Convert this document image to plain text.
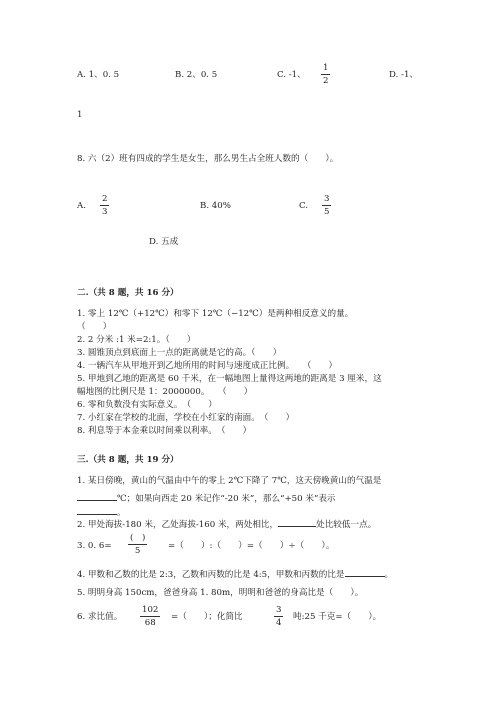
A. 1、0. 5	B. 2、0. 5	C. -1、 $\frac{1}{2}$	D. -1、
1
8. 六（2）班有四成的学生是女生，那么男生占全班人数的（　　）。
A. $\frac{2}{3}$	B. 40%	C. $\frac{3}{5}$
D. 五成
二.（共 8 题，共 16 分）
1. 零上 12℃（+12℃）和零下 12℃（−12℃）是两种相反意义的量。
（　　）
2. 2 分米 :1 米=2:1。（　　）
3. 圆锥顶点到底面上一点的距离就是它的高。（　　）
4. 一辆汽车从甲地开到乙地所用的时间与速度成正比例。　　（　　）
5. 甲地到乙地的距离是 60 千米，在一幅地图上量得这两地的距离是 3 厘米，这
幅地图的比例尺是 1：2000000。　　（　　）
6. 零和负数没有实际意义。　（　　）
7. 小红家在学校的北面，学校在小红家的南面。　（　　）
8. 利息等于本金乘以时间乘以利率。　（　　）
三.（共 8 题，共 19 分）
1. 某日傍晚，黄山的气温由中午的零上 2℃下降了 7℃，这天傍晚黄山的气温是
℃；如果向西走 20 米记作“-20 米”，那么“+50 米”表示
。
2. 甲处海拔-180 米，乙处海拔-160 米，两处相比，	处比较低一点。
3. 0. 6=
(　)
5	=（　　）:（　　）=（　　）÷（　　）。
4. 甲数和乙数的比是 2:3，乙数和丙数的比是 4:5，甲数和丙数的比是	。
5. 明明身高 150cm，爸爸身高 1. 80m，明明和爸爸的身高比是（　　）。
6. 求比值。 $\frac{102}{68}$ =（　　）；化简比	$\frac{3}{4}$ 吨:25 千克=（　　）。
